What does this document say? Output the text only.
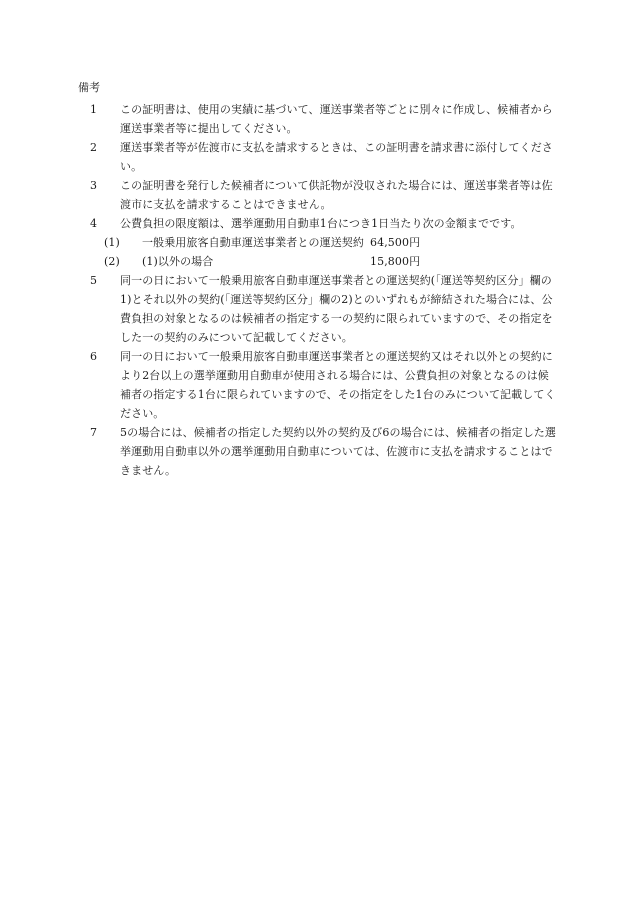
備考
1	この証明書は、使用の実績に基づいて、運送事業者等ごとに別々に作成し、候補者から運送事業者等に提出してください。
2	運送事業者等が佐渡市に支払を請求するときは、この証明書を請求書に添付してください。
3	この証明書を発行した候補者について供託物が没収された場合には、運送事業者等は佐渡市に支払を請求することはできません。
4	公費負担の限度額は、選挙運動用自動車1台につき1日当たり次の金額までです。
(1) 一般乗用旅客自動車運送事業者との運送契約 64,500円
(2) (1)以外の場合	15,800円
5	同一の日において一般乗用旅客自動車運送事業者との運送契約(「運送等契約区分」欄の1)とそれ以外の契約(「運送等契約区分」欄の2)とのいずれもが締結された場合には、公費負担の対象となるのは候補者の指定する一の契約に限られていますので、その指定をした一の契約のみについて記載してください。
6	同一の日において一般乗用旅客自動車運送事業者との運送契約又はそれ以外との契約により2台以上の選挙運動用自動車が使用される場合には、公費負担の対象となるのは候補者の指定する1台に限られていますので、その指定をした1台のみについて記載してください。
7	5の場合には、候補者の指定した契約以外の契約及び6の場合には、候補者の指定した選挙運動用自動車以外の選挙運動用自動車については、佐渡市に支払を請求することはできません。
